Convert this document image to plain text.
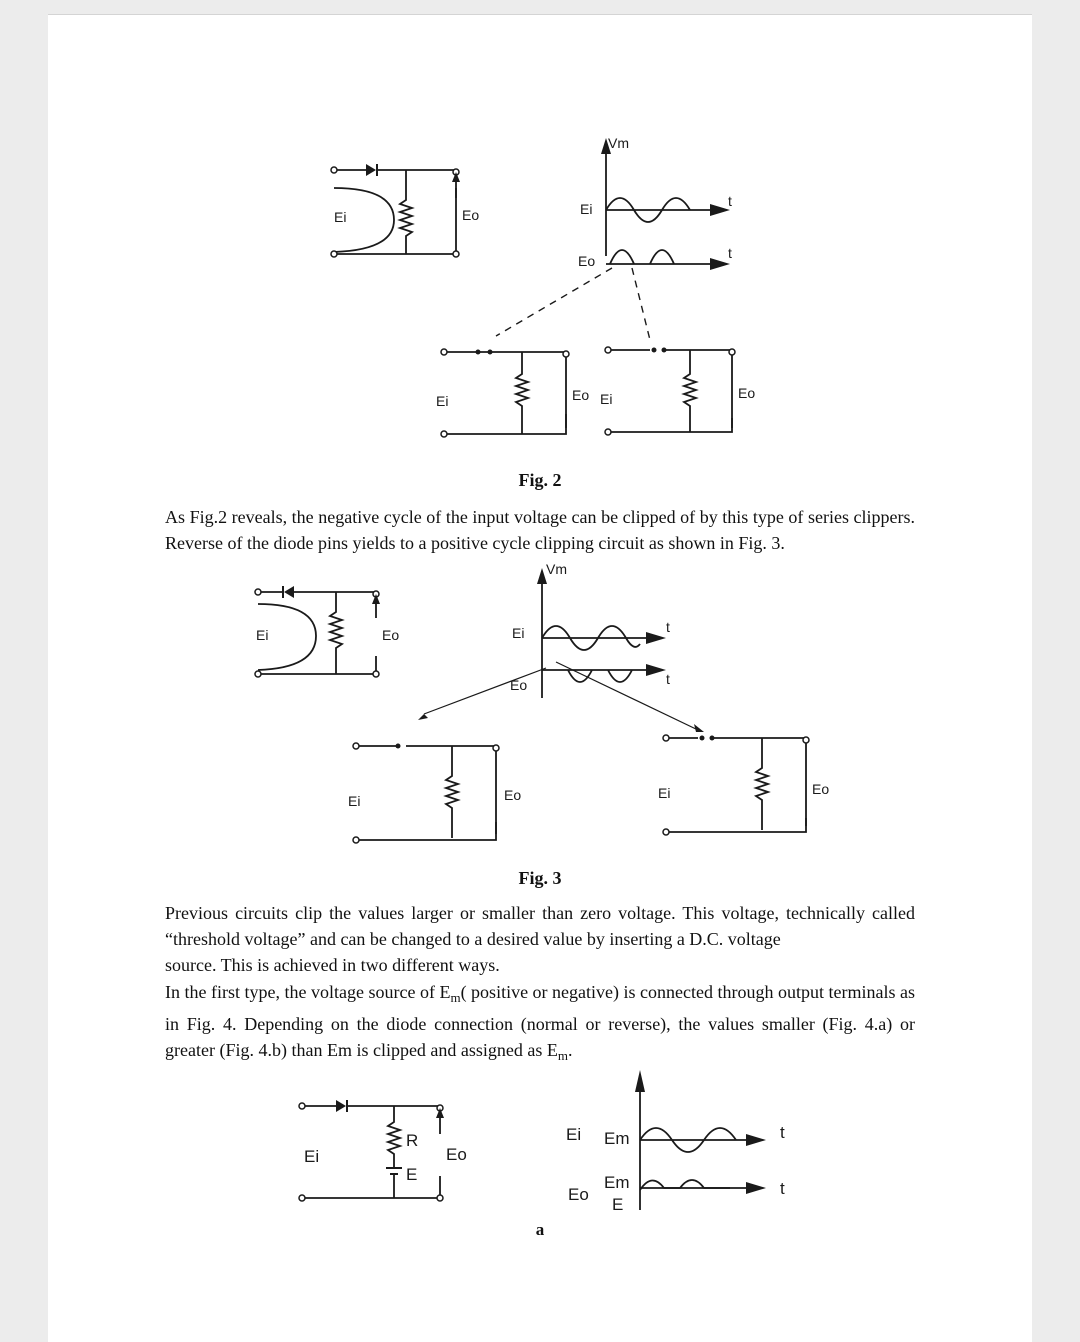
Ei	Eo
Vm
Ei	t
Eo	t
Ei	Eo Ei	Eo
Fig. 2

As Fig.2 reveals, the negative cycle of the input voltage can be clipped of by this type of series clippers. Reverse of the diode pins yields to a positive cycle clipping circuit as shown in Fig. 3.

Ei	Eo
Vm
Ei	t
Eo	t
Ei	Eo	Ei	Eo
Fig. 3
Previous circuits clip the values larger or smaller than zero voltage. This voltage, technically called “threshold voltage” and can be changed to a desired value by inserting a D.C. voltage
source. This is achieved in two different ways.

In the first type, the voltage source of $E_m$( positive or negative) is connected through output terminals as in Fig. 4. Depending on the diode connection (normal or reverse), the values smaller (Fig. 4.a) or greater (Fig. 4.b) than Em is clipped and assigned as $E_m$.

Ei
R
E
Eo
Ei Em	t
Eo
Em
E
t
a
